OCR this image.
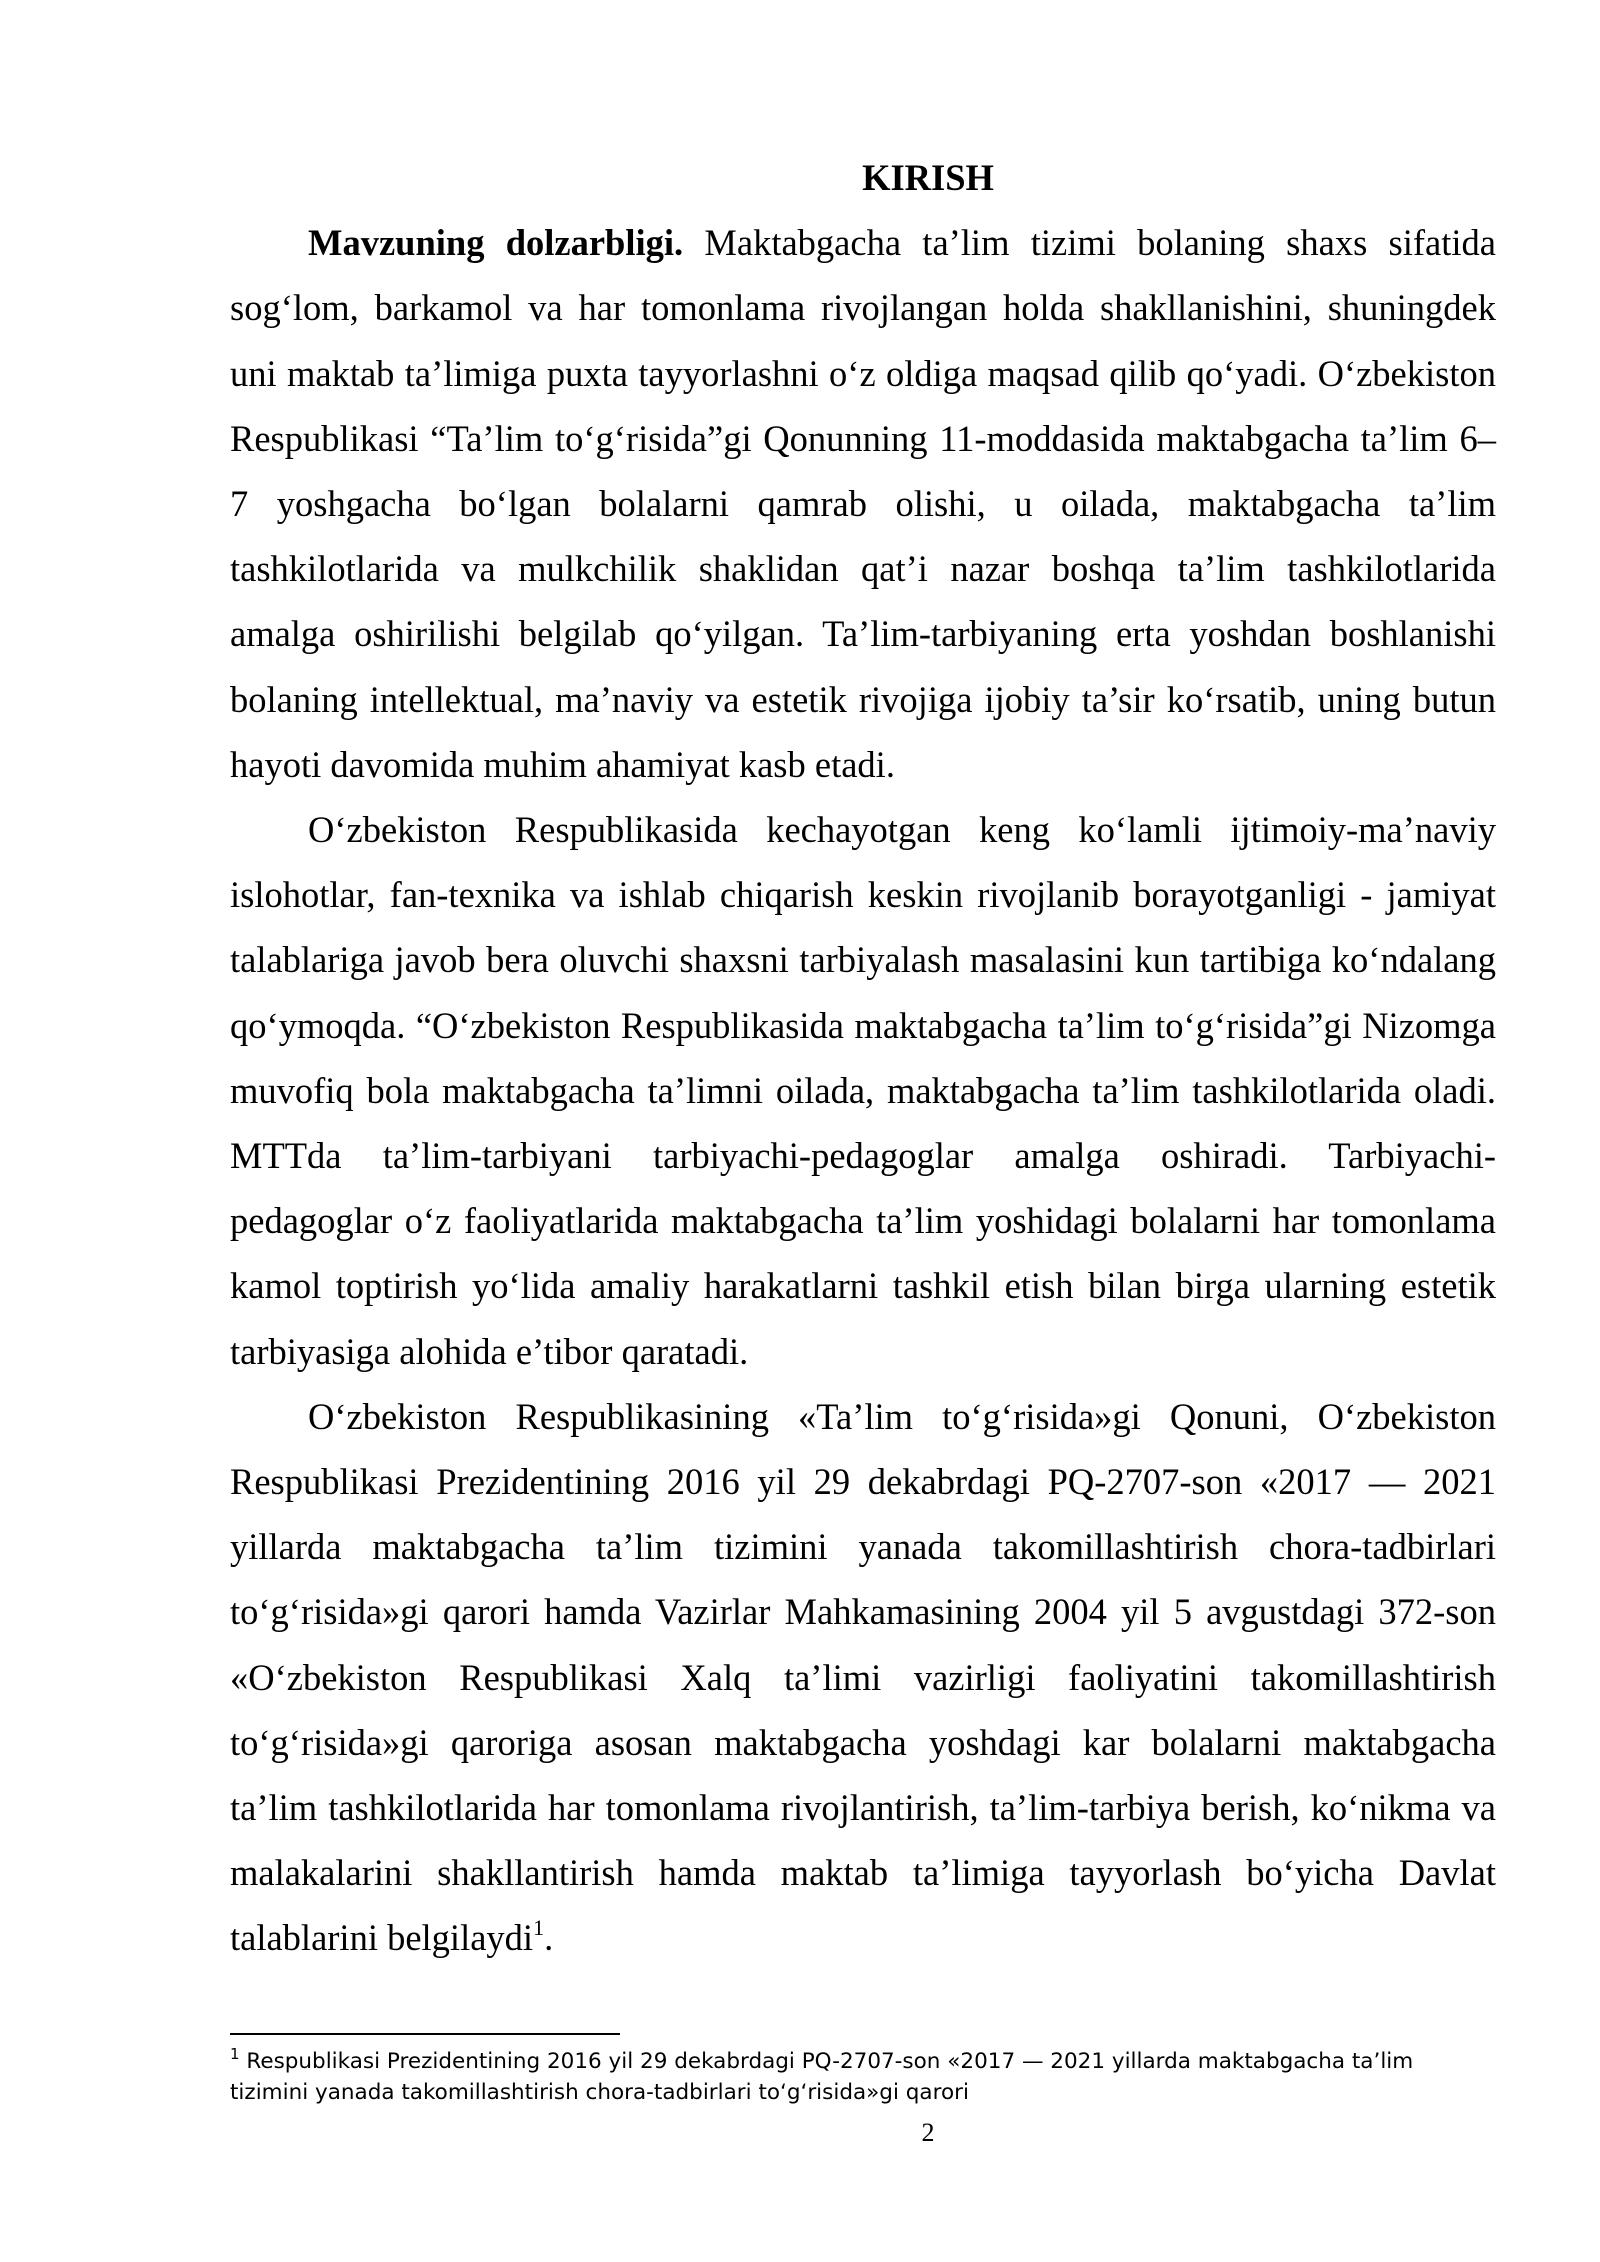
KIRISH

Mavzuning dolzarbligi. Maktabgacha ta’lim tizimi bolaning shaxs sifatida sog‘lom, barkamol va har tomonlama rivojlangan holda shakllanishini, shuningdek uni maktab ta’limiga puxta tayyorlashni o‘z oldiga maqsad qilib qo‘yadi. O‘zbekiston Respublikasi “Ta’lim to‘g‘risida”gi Qonunning 11-moddasida maktabgacha ta’lim 6–7 yoshgacha bo‘lgan bolalarni qamrab olishi, u oilada, maktabgacha ta’lim tashkilotlarida va mulkchilik shaklidan qat’i nazar boshqa ta’lim tashkilotlarida amalga oshirilishi belgilab qo‘yilgan. Ta’lim-tarbiyaning erta yoshdan boshlanishi bolaning intellektual, ma’naviy va estetik rivojiga ijobiy ta’sir ko‘rsatib, uning butun hayoti davomida muhim ahamiyat kasb etadi.

O‘zbekiston Respublikasida kechayotgan keng ko‘lamli ijtimoiy-ma’naviy islohotlar, fan-texnika va ishlab chiqarish keskin rivojlanib borayotganligi - jamiyat talablariga javob bera oluvchi shaxsni tarbiyalash masalasini kun tartibiga ko‘ndalang qo‘ymoqda. “O‘zbekiston Respublikasida maktabgacha ta’lim to‘g‘risida”gi Nizomga muvofiq bola maktabgacha ta’limni oilada, maktabgacha ta’lim tashkilotlarida oladi. MTTda ta’lim-tarbiyani tarbiyachi-pedagoglar amalga oshiradi. Tarbiyachi-pedagoglar o‘z faoliyatlarida maktabgacha ta’lim yoshidagi bolalarni har tomonlama kamol toptirish yo‘lida amaliy harakatlarni tashkil etish bilan birga ularning estetik tarbiyasiga alohida e’tibor qaratadi.

O‘zbekiston Respublikasining «Ta’lim to‘g‘risida»gi Qonuni, O‘zbekiston Respublikasi Prezidentining 2016 yil 29 dekabrdagi PQ-2707-son «2017 — 2021 yillarda maktabgacha ta’lim tizimini yanada takomillashtirish chora-tadbirlari to‘g‘risida»gi qarori hamda Vazirlar Mahkamasining 2004 yil 5 avgustdagi 372-son «O‘zbekiston Respublikasi Xalq ta’limi vazirligi faoliyatini takomillashtirish to‘g‘risida»gi qaroriga asosan maktabgacha yoshdagi kar bolalarni maktabgacha ta’lim tashkilotlarida har tomonlama rivojlantirish, ta’lim-tarbiya berish, ko‘nikma va malakalarini shakllantirish hamda maktab ta’limiga tayyorlash bo‘yicha Davlat talablarini belgilaydi$^1$.

$^1$ Respublikasi Prezidentining 2016 yil 29 dekabrdagi PQ-2707-son «2017 — 2021 yillarda maktabgacha ta’lim tizimini yanada takomillashtirish chora-tadbirlari to‘g‘risida»gi qarori

2
